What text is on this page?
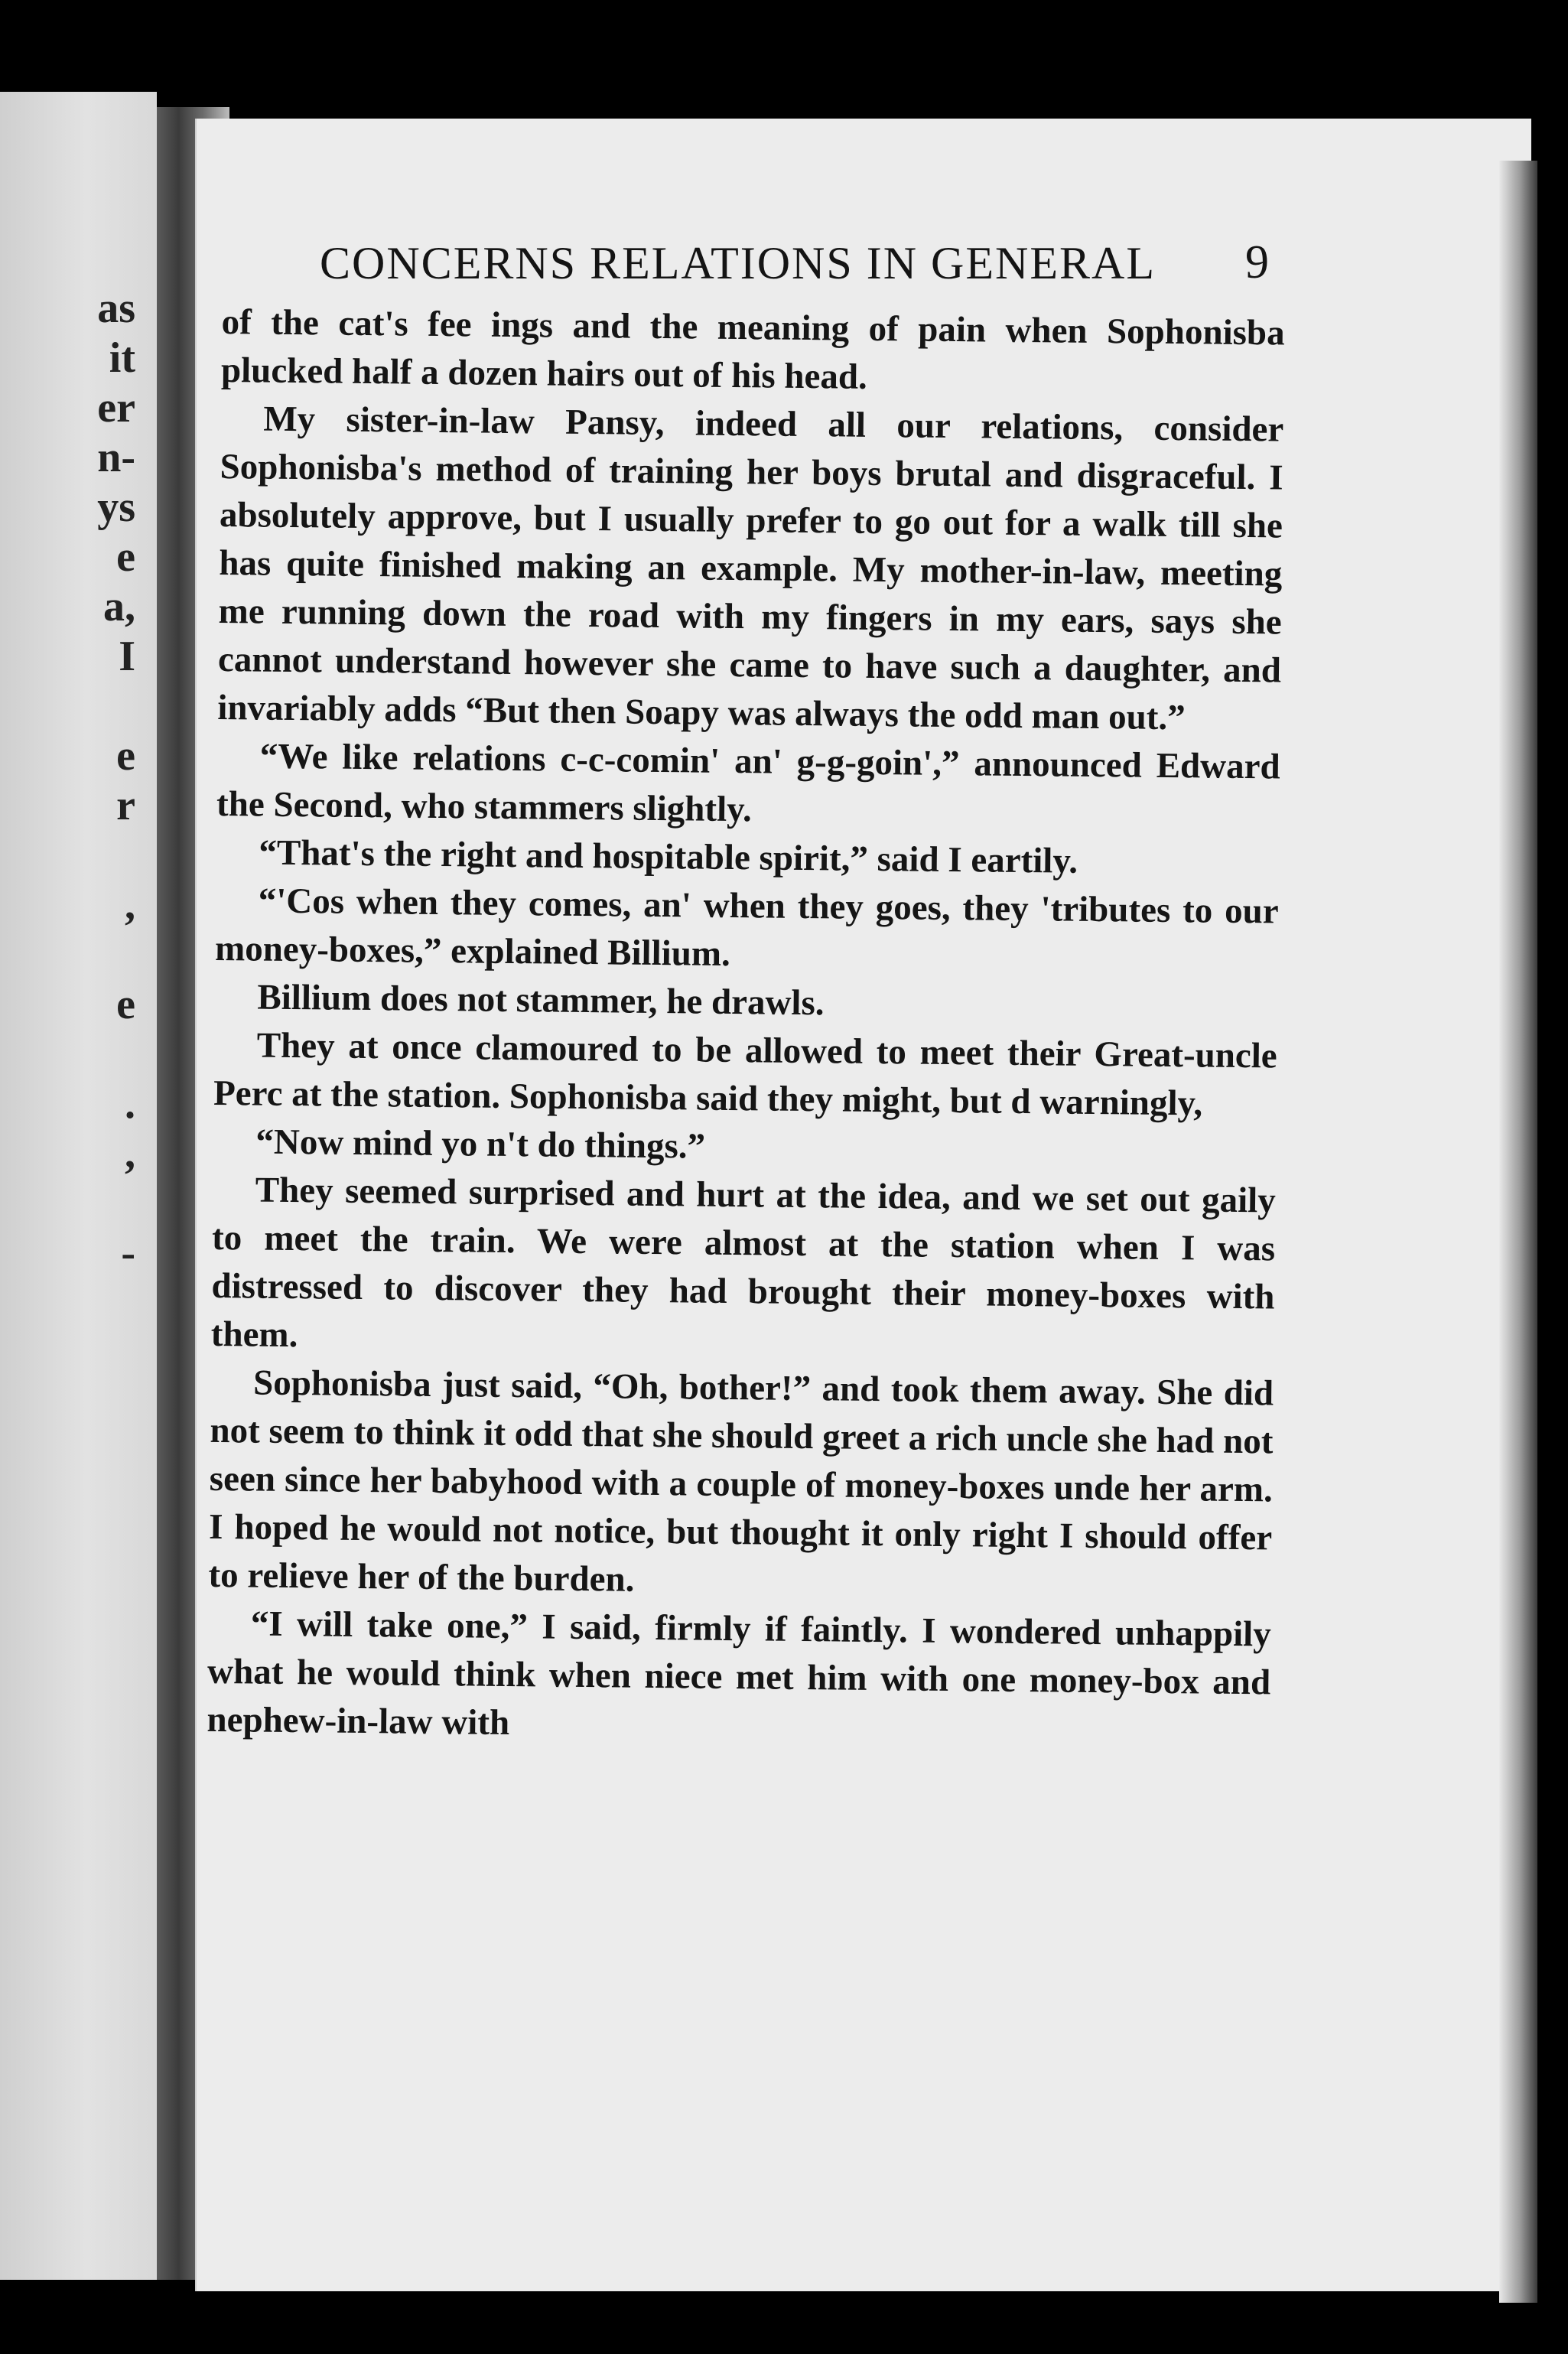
as
it
er
n-
ys
e
a,
I
e
r
,
e
.
,
-
CONCERNS RELATIONS IN GENERAL	9

of the cat's fee ings and the meaning of pain when Sophonisba plucked half a dozen hairs out of his head.

My sister-in-law Pansy, indeed all our relations, consider Sophonisba's method of training her boys brutal and disgraceful. I absolutely approve, but I usually prefer to go out for a walk till she has quite finished making an example. My mother-in-law, meeting me running down the road with my fingers in my ears, says she cannot understand however she came to have such a daughter, and invariably adds “But then Soapy was always the odd man out.”

“We like relations c-c-comin' an' g-g-goin',” announced Edward the Second, who stammers slightly.

“That's the right and hospitable spirit,” said I eartily.

“'Cos when they comes, an' when they goes, they 'tributes to our money-boxes,” explained Billium.

Billium does not stammer, he drawls.

They at once clamoured to be allowed to meet their Great-uncle Perc at the station. Sophonisba said they might, but d warningly,

“Now mind yo n't do things.”

They seemed surprised and hurt at the idea, and we set out gaily to meet the train. We were almost at the station when I was distressed to discover they had brought their money-boxes with them.

Sophonisba just said, “Oh, bother!” and took them away. She did not seem to think it odd that she should greet a rich uncle she had not seen since her babyhood with a couple of money-boxes unde her arm. I hoped he would not notice, but thought it only right I should offer to relieve her of the burden.

“I will take one,” I said, firmly if faintly. I wondered unhappily what he would think when niece met him with one money-box and nephew-in-law with
